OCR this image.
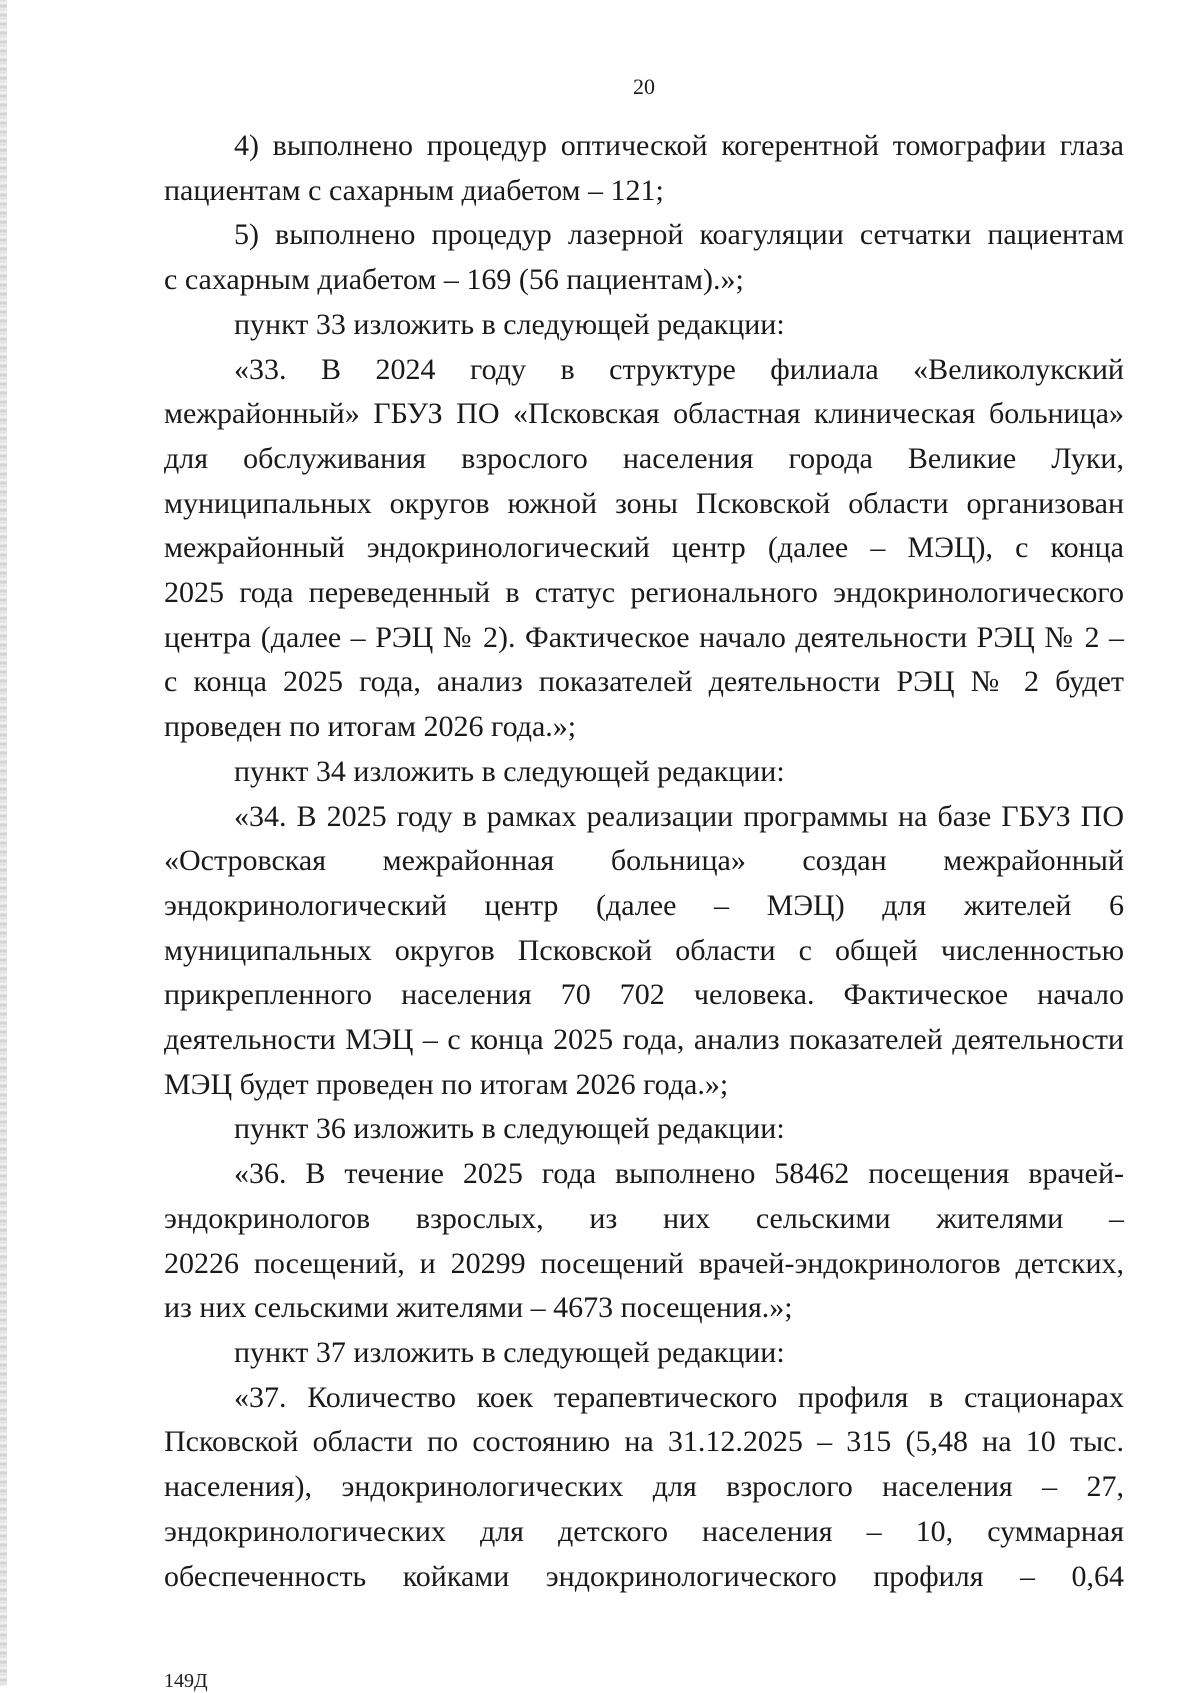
20
4) выполнено процедур оптической когерентной томографии глаза
пациентам с сахарным диабетом – 121;
5) выполнено процедур лазерной коагуляции сетчатки пациентам
с сахарным диабетом – 169 (56 пациентам).»;
пункт 33 изложить в следующей редакции:
«33. В 2024 году в структуре филиала «Великолукский
межрайонный» ГБУЗ ПО «Псковская областная клиническая больница»
для обслуживания взрослого населения города Великие Луки,
муниципальных округов южной зоны Псковской области организован
межрайонный эндокринологический центр (далее – МЭЦ), с конца
2025 года переведенный в статус регионального эндокринологического
центра (далее – РЭЦ № 2). Фактическое начало деятельности РЭЦ № 2 –
с конца 2025 года, анализ показателей деятельности РЭЦ № 2 будет
проведен по итогам 2026 года.»;
пункт 34 изложить в следующей редакции:
«34. В 2025 году в рамках реализации программы на базе ГБУЗ ПО
«Островская межрайонная больница» создан межрайонный
эндокринологический центр (далее – МЭЦ) для жителей 6
муниципальных округов Псковской области с общей численностью
прикрепленного населения 70 702 человека. Фактическое начало
деятельности МЭЦ – с конца 2025 года, анализ показателей деятельности
МЭЦ будет проведен по итогам 2026 года.»;
пункт 36 изложить в следующей редакции:
«36. В течение 2025 года выполнено 58462 посещения врачей-
эндокринологов взрослых, из них сельскими жителями –
20226 посещений, и 20299 посещений врачей-эндокринологов детских,
из них сельскими жителями – 4673 посещения.»;
пункт 37 изложить в следующей редакции:
«37. Количество коек терапевтического профиля в стационарах
Псковской области по состоянию на 31.12.2025 – 315 (5,48 на 10 тыс.
населения), эндокринологических для взрослого населения – 27,
эндокринологических для детского населения – 10, суммарная
обеспеченность койками эндокринологического профиля – 0,64
149Д
